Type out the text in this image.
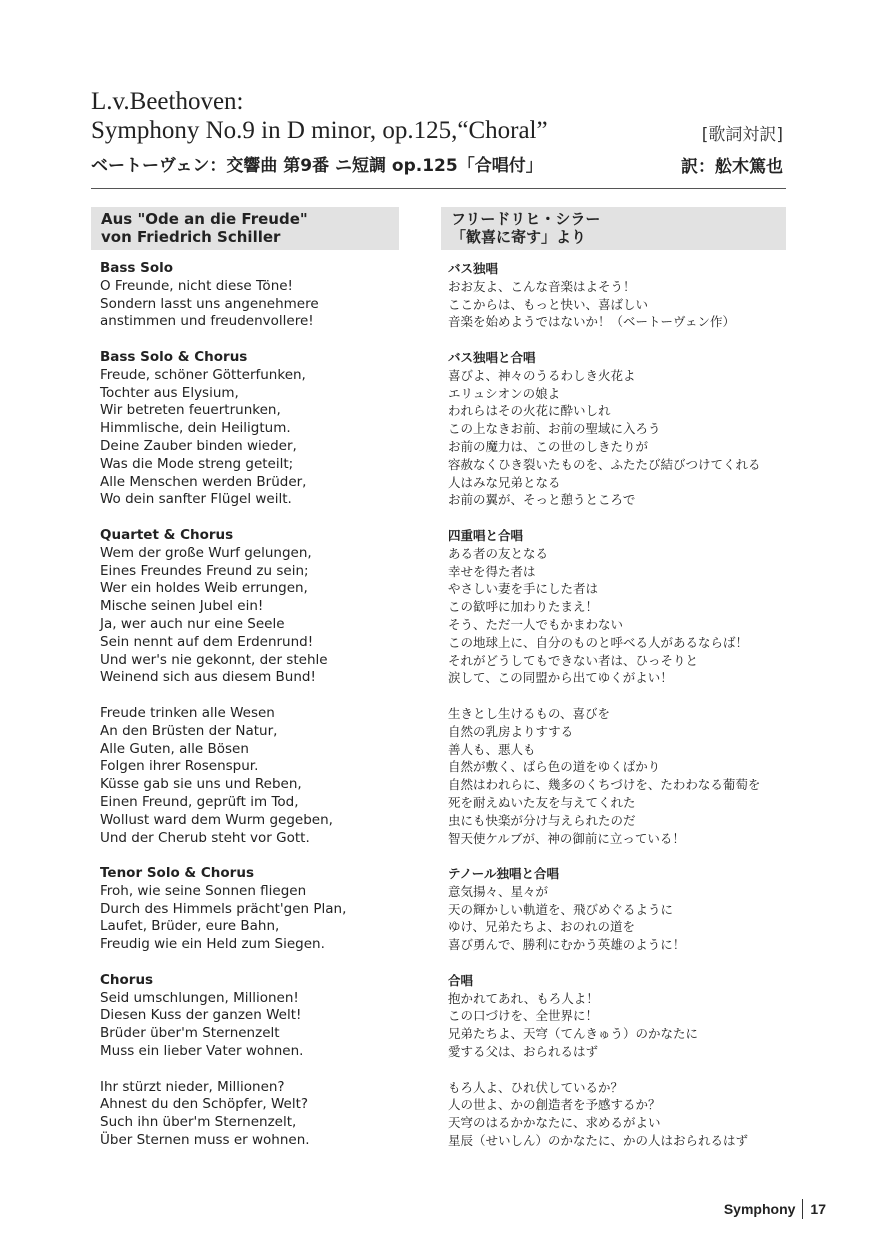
L.v.Beethoven:
Symphony No.9 in D minor, op.125,“Choral”	[歌詞対訳]
ベートーヴェン：交響曲 第9番 ニ短調 op.125「合唱付」	訳：舩木篤也
Aus "Ode an die Freude"
von Friedrich Schiller
フリードリヒ・シラー
「歓喜に寄す」より
Bass Solo
O Freunde, nicht diese Töne!
Sondern lasst uns angenehmere
anstimmen und freudenvollere!
Bass Solo & Chorus
Freude, schöner Götterfunken,
Tochter aus Elysium,
Wir betreten feuertrunken,
Himmlische, dein Heiligtum.
Deine Zauber binden wieder,
Was die Mode streng geteilt;
Alle Menschen werden Brüder,
Wo dein sanfter Flügel weilt.
Quartet & Chorus
Wem der große Wurf gelungen,
Eines Freundes Freund zu sein;
Wer ein holdes Weib errungen,
Mische seinen Jubel ein!
Ja, wer auch nur eine Seele
Sein nennt auf dem Erdenrund!
Und wer's nie gekonnt, der stehle
Weinend sich aus diesem Bund!
Freude trinken alle Wesen
An den Brüsten der Natur,
Alle Guten, alle Bösen
Folgen ihrer Rosenspur.
Küsse gab sie uns und Reben,
Einen Freund, geprüft im Tod,
Wollust ward dem Wurm gegeben,
Und der Cherub steht vor Gott.
Tenor Solo & Chorus
Froh, wie seine Sonnen fliegen
Durch des Himmels prächt'gen Plan,
Laufet, Brüder, eure Bahn,
Freudig wie ein Held zum Siegen.
Chorus
Seid umschlungen, Millionen!
Diesen Kuss der ganzen Welt!
Brüder über'm Sternenzelt
Muss ein lieber Vater wohnen.
Ihr stürzt nieder, Millionen?
Ahnest du den Schöpfer, Welt?
Such ihn über'm Sternenzelt,
Über Sternen muss er wohnen.
バス独唱
おお友よ、こんな音楽はよそう！
ここからは、もっと快い、喜ばしい
音楽を始めようではないか！（ベートーヴェン作）
バス独唱と合唱
喜びよ、神々のうるわしき火花よ
エリュシオンの娘よ
われらはその火花に酔いしれ
この上なきお前、お前の聖域に入ろう
お前の魔力は、この世のしきたりが
容赦なくひき裂いたものを、ふたたび結びつけてくれる
人はみな兄弟となる
お前の翼が、そっと憩うところで
四重唱と合唱
ある者の友となる
幸せを得た者は
やさしい妻を手にした者は
この歓呼に加わりたまえ！
そう、ただ一人でもかまわない
この地球上に、自分のものと呼べる人があるならば！
それがどうしてもできない者は、ひっそりと
涙して、この同盟から出てゆくがよい！
生きとし生けるもの、喜びを
自然の乳房よりすする
善人も、悪人も
自然が敷く、ばら色の道をゆくばかり
自然はわれらに、幾多のくちづけを、たわわなる葡萄を
死を耐えぬいた友を与えてくれた
虫にも快楽が分け与えられたのだ
智天使ケルブが、神の御前に立っている！
テノール独唱と合唱
意気揚々、星々が
天の輝かしい軌道を、飛びめぐるように
ゆけ、兄弟たちよ、おのれの道を
喜び勇んで、勝利にむかう英雄のように！
合唱
抱かれてあれ、もろ人よ！
この口づけを、全世界に！
兄弟たちよ、天穹（てんきゅう）のかなたに
愛する父は、おられるはず
もろ人よ、ひれ伏しているか？
人の世よ、かの創造者を予感するか？
天穹のはるかかなたに、求めるがよい
星辰（せいしん）のかなたに、かの人はおられるはず
Symphony 17
